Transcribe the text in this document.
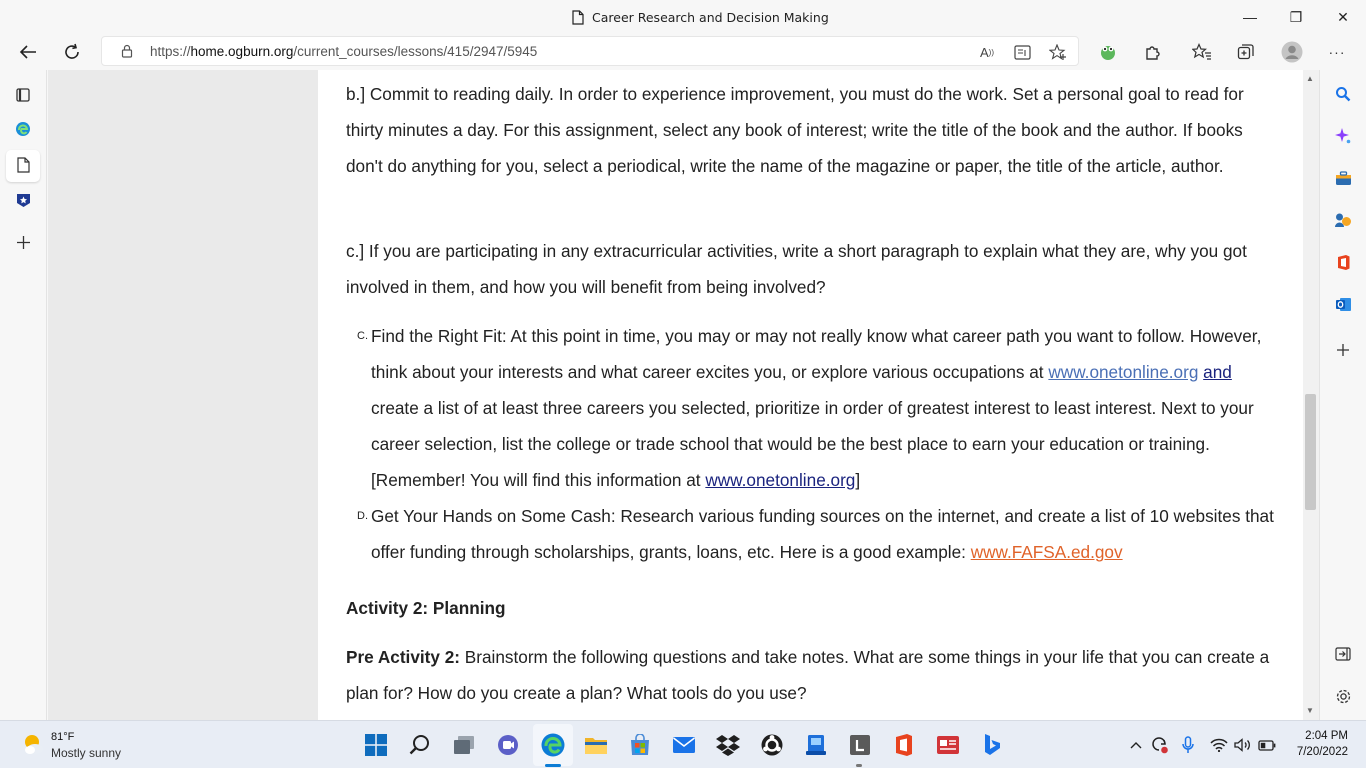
Career Research and Decision Making	—	❐	✕
https://home.ogburn.org/current_courses/lessons/415/2947/5945	A ))	···

b.] Commit to reading daily. In order to experience improvement, you must do the work. Set a personal goal to read for thirty minutes a day. For this assignment, select any book of interest; write the title of the book and the author. If books don't do anything for you, select a periodical, write the name of the magazine or paper, the title of the article, author.

c.] If you are participating in any extracurricular activities, write a short paragraph to explain what they are, why you got involved in them, and how you will benefit from being involved?

C. Find the Right Fit: At this point in time, you may or may not really know what career path you want to follow. However, think about your interests and what career excites you, or explore various occupations at www.onetonline.org and create a list of at least three careers you selected, prioritize in order of greatest interest to least interest. Next to your career selection, list the college or trade school that would be the best place to earn your education or training. [Remember! You will find this information at www.onetonline.org]
D. Get Your Hands on Some Cash: Research various funding sources on the internet, and create a list of 10 websites that offer funding through scholarships, grants, loans, etc. Here is a good example: www.FAFSA.ed.gov

Activity 2: Planning

Pre Activity 2: Brainstorm the following questions and take notes. What are some things in your life that you can create a plan for? How do you create a plan? What tools do you use?

▲
▼
81°F
Mostly sunny
2:04 PM
7/20/2022
